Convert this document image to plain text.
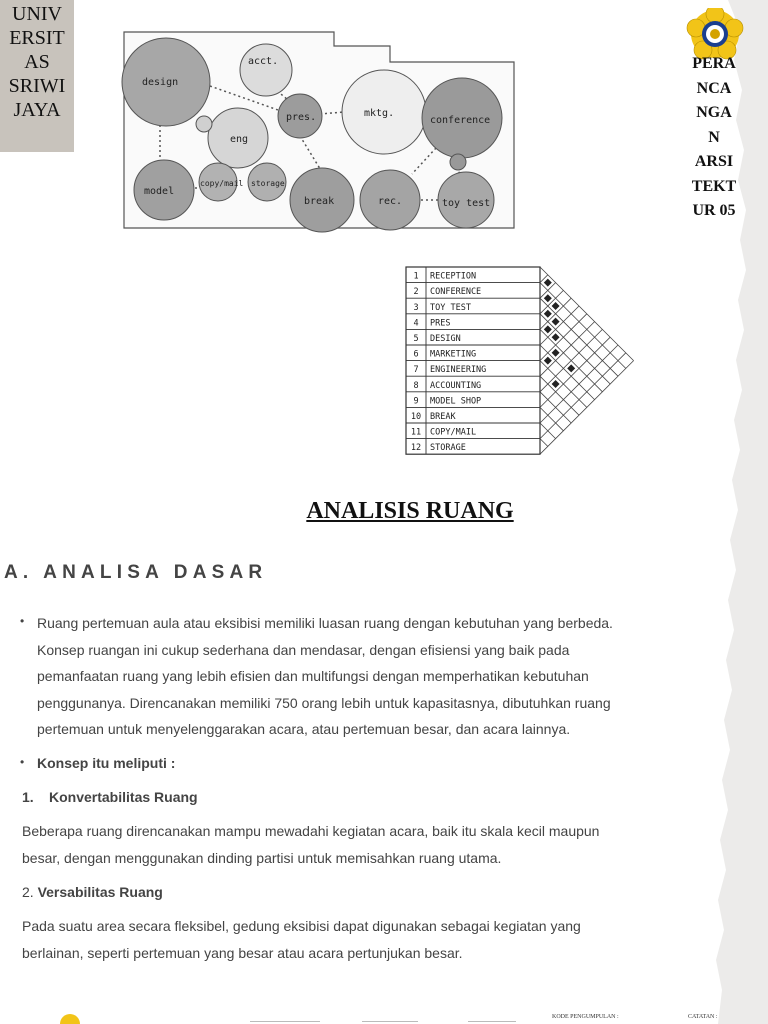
UNIV
ERSIT
AS
SRIWI
JAYA
PERA
NCA
NGA
N
ARSI
TEKT
UR 05
design
acct.
pres.	mktg.
conference
eng
model
copy/mail storage
break	rec.	toy test
1 RECEPTION
2 CONFERENCE
3 TOY TEST
4 PRES
5 DESIGN
6 MARKETING
7 ENGINEERING
8 ACCOUNTING
9 MODEL SHOP
10 BREAK
11 COPY/MAIL
12 STORAGE
ANALISIS RUANG
A. ANALISA DASAR
• Ruang pertemuan aula atau eksibisi memiliki luasan ruang dengan kebutuhan yang berbeda.
Konsep ruangan ini cukup sederhana dan mendasar, dengan efisiensi yang baik pada
pemanfaatan ruang yang lebih efisien dan multifungsi dengan memperhatikan kebutuhan
penggunanya. Direncanakan memiliki 750 orang lebih untuk kapasitasnya, dibutuhkan ruang
pertemuan untuk menyelenggarakan acara, atau pertemuan besar, dan acara lainnya.
• Konsep itu meliputi :
1. Konvertabilitas Ruang
Beberapa ruang direncanakan mampu mewadahi kegiatan acara, baik itu skala kecil maupun
besar, dengan menggunakan dinding partisi untuk memisahkan ruang utama.
2. Versabilitas Ruang
Pada suatu area secara fleksibel, gedung eksibisi dapat digunakan sebagai kegiatan yang
berlainan, seperti pertemuan yang besar atau acara pertunjukan besar.
KODE PENGUMPULAN :	CATATAN :
